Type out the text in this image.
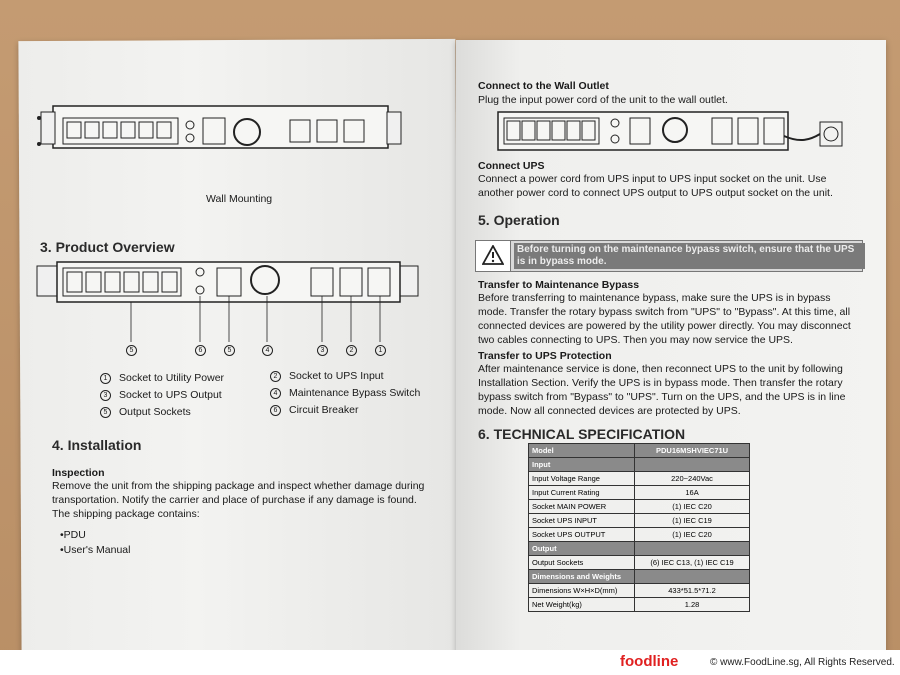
Wall Mounting
3. Product Overview
5	6	5	4	3	2	1
1 Socket to Utility Power	2 Socket to UPS Input
3 Socket to UPS Output	4 Maintenance Bypass Switch
5 Output Sockets	6 Circuit Breaker
4. Installation
Inspection
Remove the unit from the shipping package and inspect whether damage during transportation. Notify the carrier and place of purchase if any damage is found. The shipping package contains:
•PDU
•User's Manual
Connect to the Wall Outlet
Plug the input power cord of the unit to the wall outlet.
Connect UPS
Connect a power cord from UPS input to UPS input socket on the unit. Use another power cord to connect UPS output to UPS output socket on the unit.
5. Operation
Before turning on the maintenance bypass switch, ensure that the UPS is in bypass mode.
Transfer to Maintenance Bypass
Before transferring to maintenance bypass, make sure the UPS is in bypass mode. Transfer the rotary bypass switch from "UPS" to "Bypass". At this time, all connected devices are powered by the utility power directly. You may disconnect two cables connecting to UPS. Then you may now service the UPS.
Transfer to UPS Protection
After maintenance service is done, then reconnect UPS to the unit by following Installation Section. Verify the UPS is in bypass mode. Then transfer the rotary bypass switch from "Bypass" to "UPS". Turn on the UPS, and the UPS is in line mode. Now all connected devices are protected by UPS.
6. TECHNICAL SPECIFICATION
Model	PDU16MSHVIEC71U
Input	
Input Voltage Range	220~240Vac
Input Current Rating	16A
Socket MAIN POWER	(1) IEC C20
Socket UPS INPUT	(1) IEC C19
Socket UPS OUTPUT	(1) IEC C20
Output	
Output Sockets	(6) IEC C13, (1) IEC C19
Dimensions and Weights	
Dimensions W×H×D(mm)	433*51.5*71.2
Net Weight(kg)	1.28
foodline	© www.FoodLine.sg, All Rights Reserved.
